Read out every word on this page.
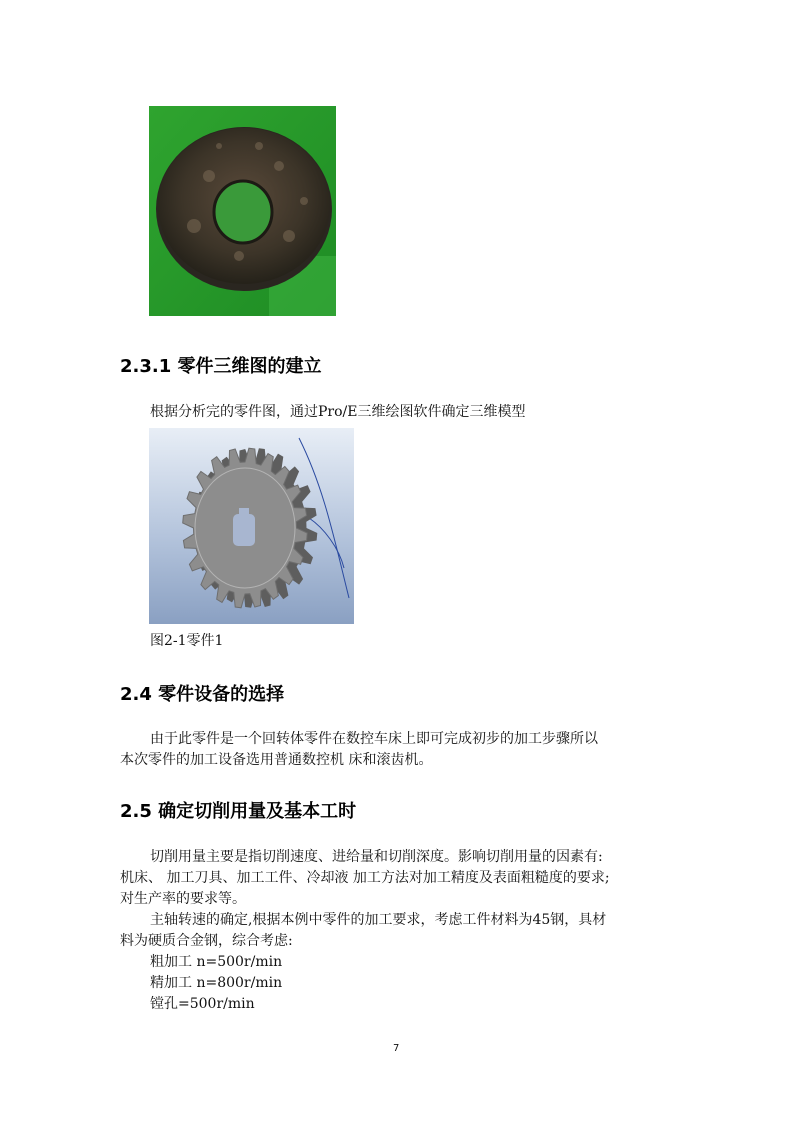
2.3.1 零件三维图的建立

根据分析完的零件图，通过Pro/E三维绘图软件确定三维模型

图2-1零件1
2.4 零件设备的选择

由于此零件是一个回转体零件在数控车床上即可完成初步的加工步骤所以

本次零件的加工设备选用普通数控机 床和滚齿机。

2.5 确定切削用量及基本工时

切削用量主要是指切削速度、进给量和切削深度。影响切削用量的因素有:

机床、 加工刀具、加工工件、冷却液 加工方法对加工精度及表面粗糙度的要求;

对生产率的要求等。

主轴转速的确定,根据本例中零件的加工要求，考虑工件材料为45钢，具材

料为硬质合金钢，综合考虑:

粗加工 n=500r/min

精加工 n=800r/min

镗孔=500r/min

7
